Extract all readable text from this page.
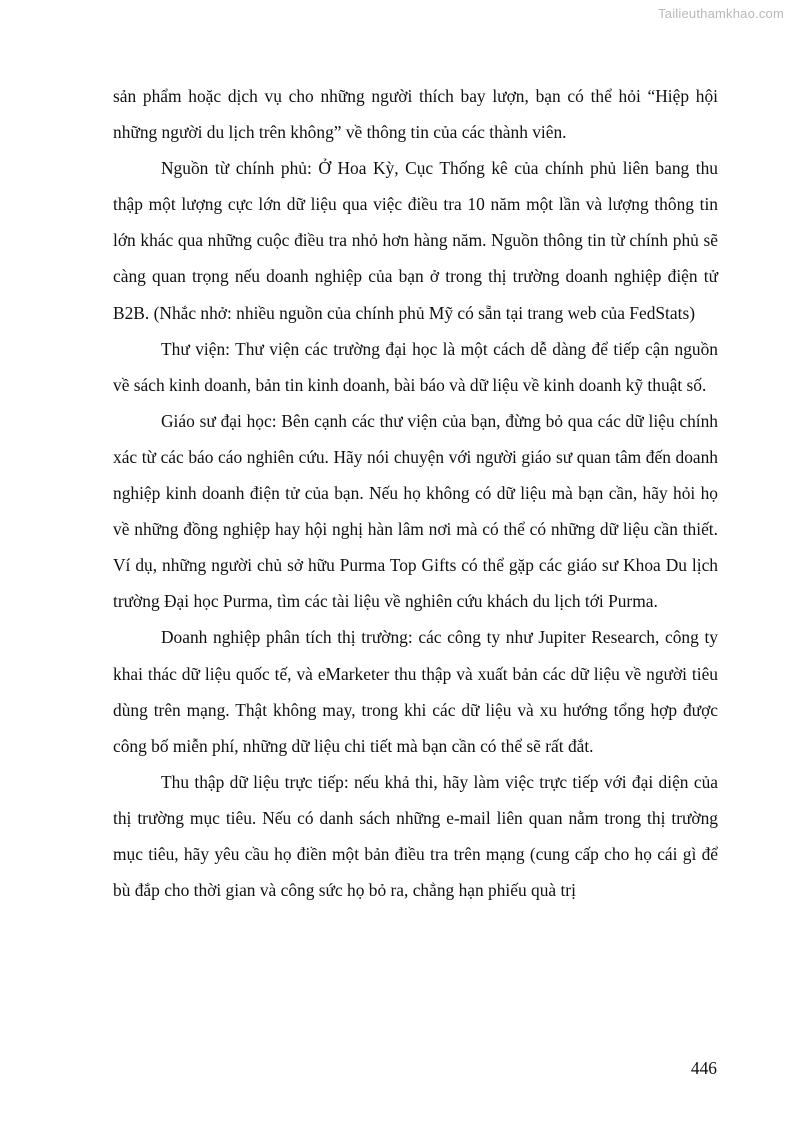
Tailieuthamkhao.com

sản phẩm hoặc dịch vụ cho những người thích bay lượn, bạn có thể hỏi “Hiệp hội những người du lịch trên không” về thông tin của các thành viên.

Nguồn từ chính phủ: Ở Hoa Kỳ, Cục Thống kê của chính phủ liên bang thu thập một lượng cực lớn dữ liệu qua việc điều tra 10 năm một lần và lượng thông tin lớn khác qua những cuộc điều tra nhỏ hơn hàng năm. Nguồn thông tin từ chính phủ sẽ càng quan trọng nếu doanh nghiệp của bạn ở trong thị trường doanh nghiệp điện tử B2B. (Nhắc nhở: nhiều nguồn của chính phủ Mỹ có sẵn tại trang web của FedStats)

Thư viện: Thư viện các trường đại học là một cách dễ dàng để tiếp cận nguồn về sách kinh doanh, bản tin kinh doanh, bài báo và dữ liệu về kinh doanh kỹ thuật số.

Giáo sư đại học: Bên cạnh các thư viện của bạn, đừng bỏ qua các dữ liệu chính xác từ các báo cáo nghiên cứu. Hãy nói chuyện với người giáo sư quan tâm đến doanh nghiệp kinh doanh điện tử của bạn. Nếu họ không có dữ liệu mà bạn cần, hãy hỏi họ về những đồng nghiệp hay hội nghị hàn lâm nơi mà có thể có những dữ liệu cần thiết. Ví dụ, những người chủ sở hữu Purma Top Gifts có thể gặp các giáo sư Khoa Du lịch trường Đại học Purma, tìm các tài liệu về nghiên cứu khách du lịch tới Purma.

Doanh nghiệp phân tích thị trường: các công ty như Jupiter Research, công ty khai thác dữ liệu quốc tế, và eMarketer thu thập và xuất bản các dữ liệu về người tiêu dùng trên mạng. Thật không may, trong khi các dữ liệu và xu hướng tổng hợp được công bố miễn phí, những dữ liệu chi tiết mà bạn cần có thể sẽ rất đắt.

Thu thập dữ liệu trực tiếp: nếu khả thi, hãy làm việc trực tiếp với đại diện của thị trường mục tiêu. Nếu có danh sách những e-mail liên quan nằm trong thị trường mục tiêu, hãy yêu cầu họ điền một bản điều tra trên mạng (cung cấp cho họ cái gì để bù đắp cho thời gian và công sức họ bỏ ra, chẳng hạn phiếu quà trị

446
